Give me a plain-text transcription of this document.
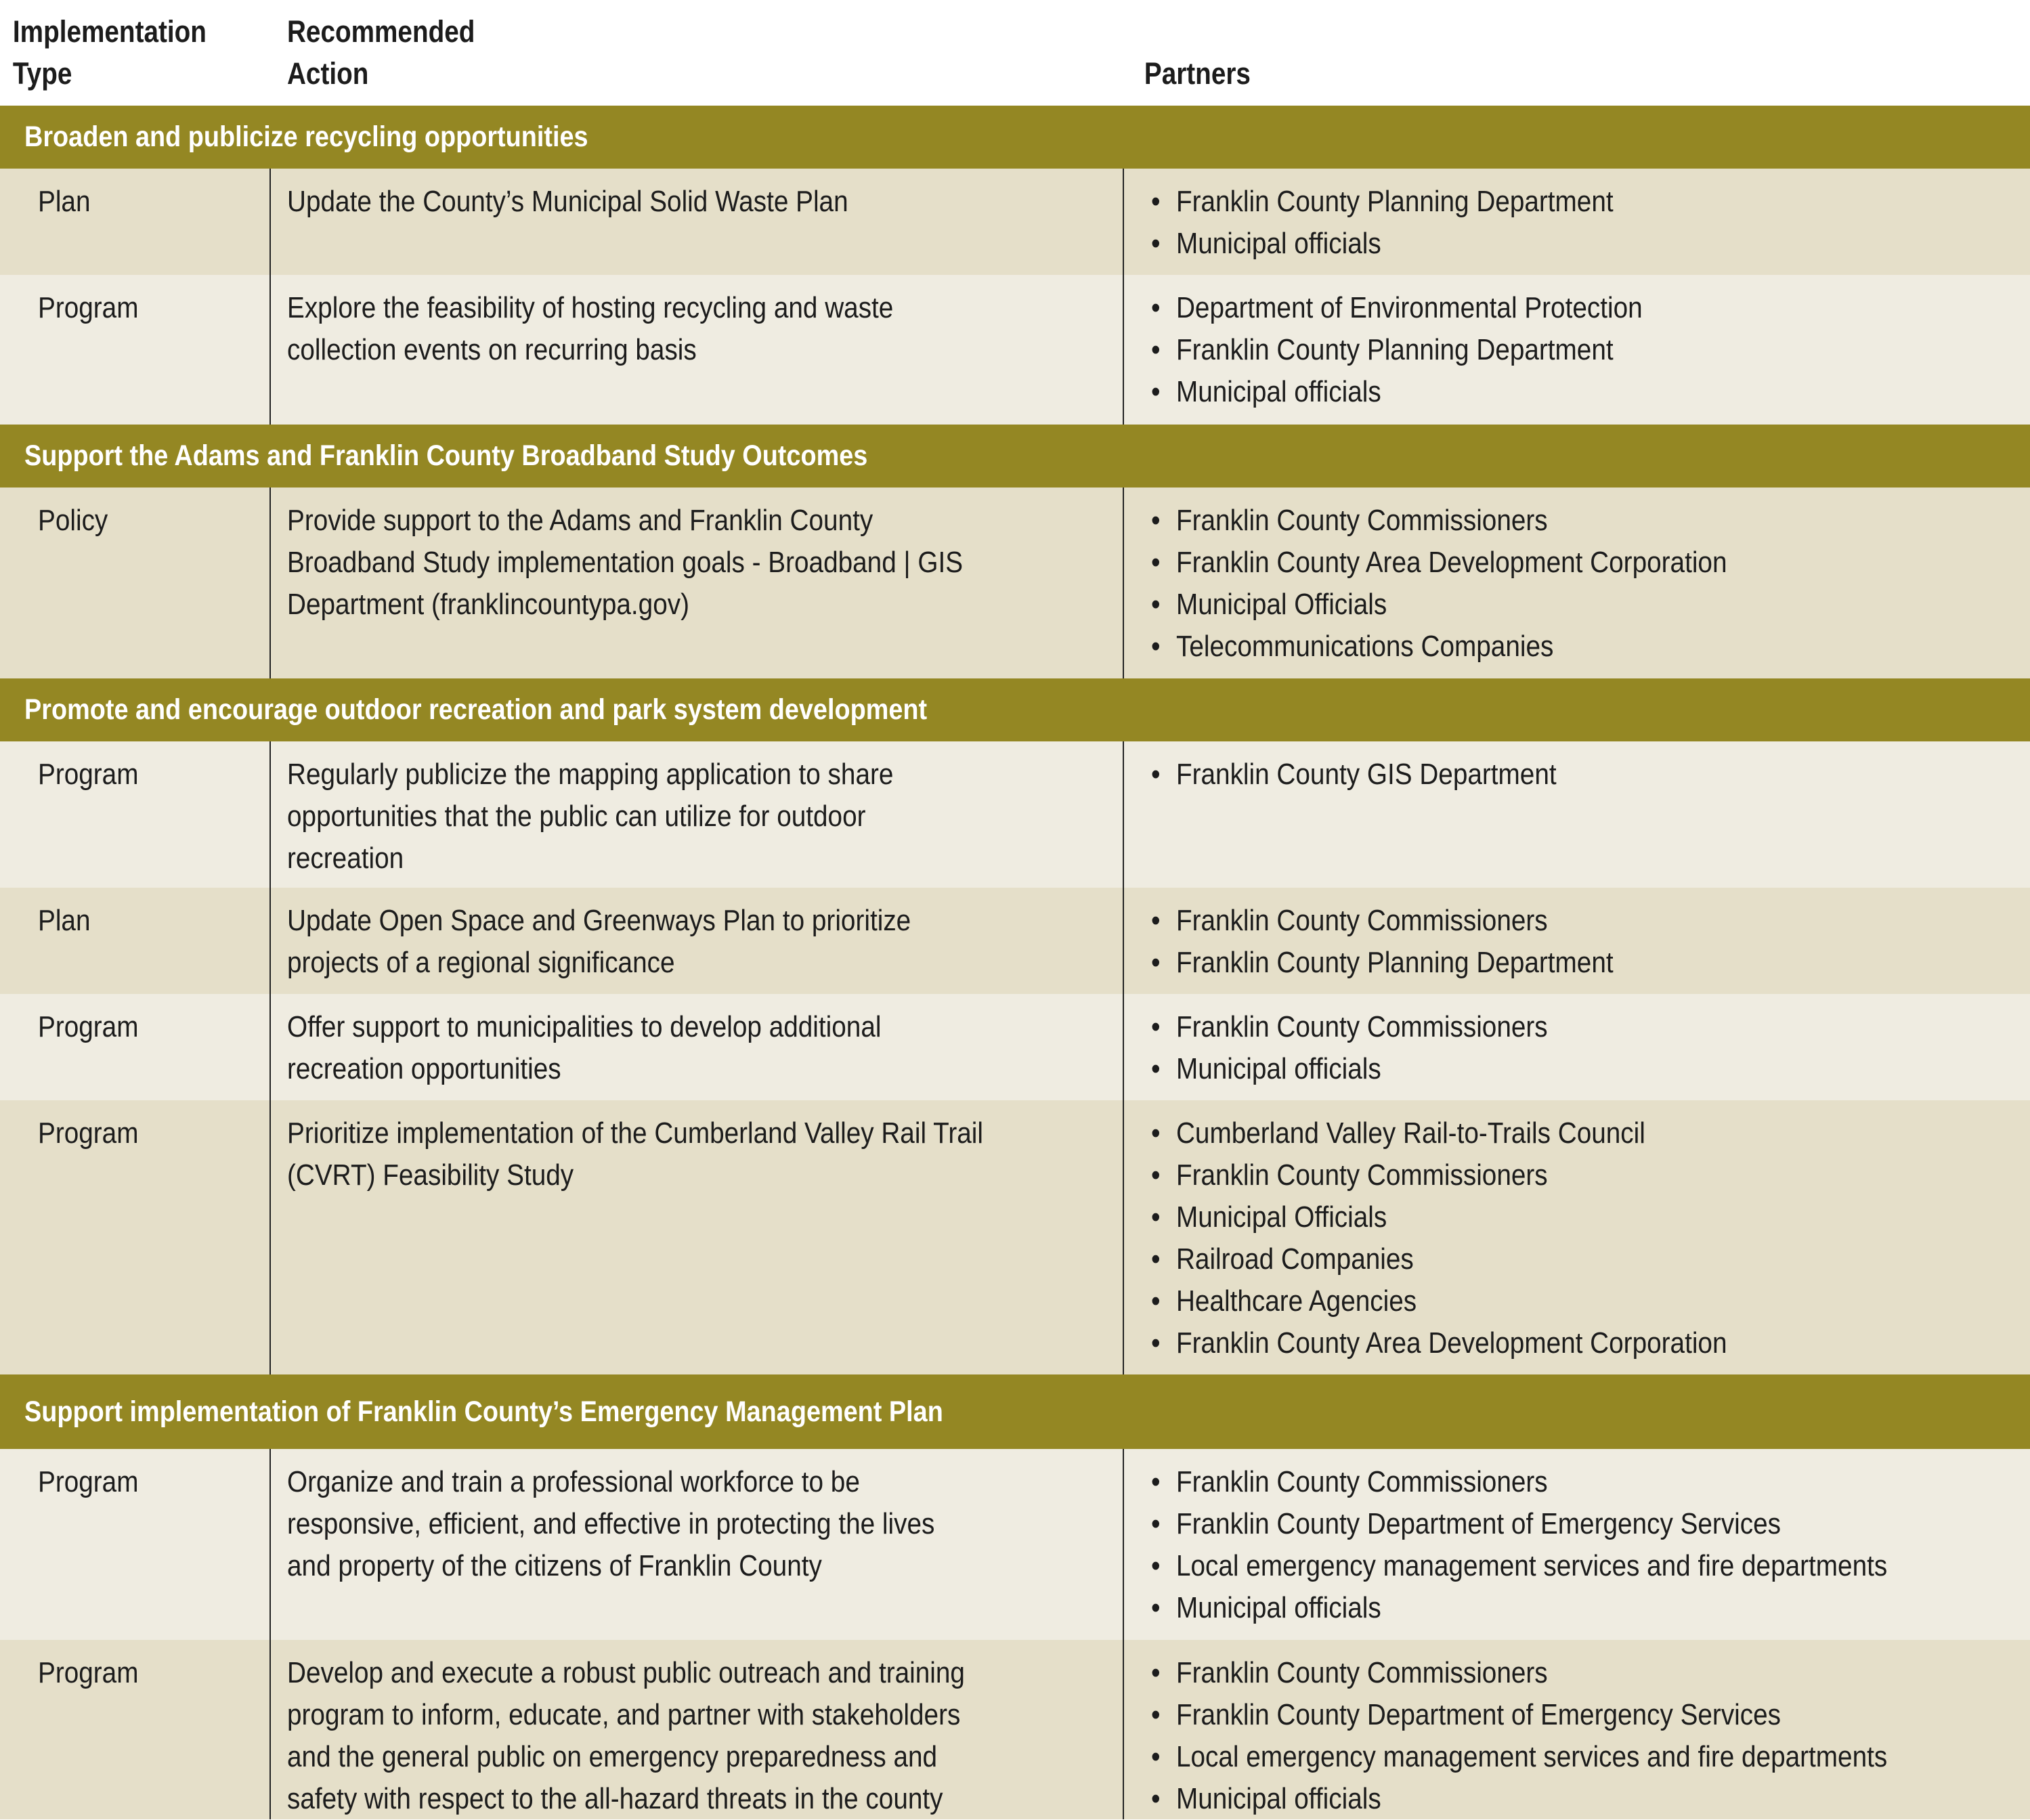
Implementation
Type
Recommended
Action	Partners
Broaden and publicize recycling opportunities
Plan	Update the County’s Municipal Solid Waste Plan
•	Franklin County Planning Department
• Municipal officials
Program	Explore the feasibility of hosting recycling and waste
collection events on recurring basis
• Department of Environmental Protection
• Franklin County Planning Department
• Municipal officials
Support the Adams and Franklin County Broadband Study Outcomes
Policy	Provide support to the Adams and Franklin County
Broadband Study implementation goals - Broadband | GIS
Department (franklincountypa.gov)
• Franklin County Commissioners
• Franklin County Area Development Corporation
• Municipal Officials
• Telecommunications Companies
Promote and encourage outdoor recreation and park system development
Program	Regularly publicize the mapping application to share
opportunities that the public can utilize for outdoor
recreation
• Franklin County GIS Department
Plan	Update Open Space and Greenways Plan to prioritize
projects of a regional significance
• Franklin County Commissioners
• Franklin County Planning Department
Program	Offer support to municipalities to develop additional
recreation opportunities
• Franklin County Commissioners
• Municipal officials
Program	Prioritize implementation of the Cumberland Valley Rail Trail
(CVRT) Feasibility Study
• Cumberland Valley Rail-to-Trails Council
• Franklin County Commissioners
• Municipal Officials
• Railroad Companies
• Healthcare Agencies
• Franklin County Area Development Corporation
Support implementation of Franklin County’s Emergency Management Plan
Program	Organize and train a professional workforce to be
responsive, efficient, and effective in protecting the lives
and property of the citizens of Franklin County
• Franklin County Commissioners
• Franklin County Department of Emergency Services
• Local emergency management services and fire departments
• Municipal officials
Program	Develop and execute a robust public outreach and training
program to inform, educate, and partner with stakeholders
and the general public on emergency preparedness and
safety with respect to the all-hazard threats in the county
• Franklin County Commissioners
• Franklin County Department of Emergency Services
• Local emergency management services and fire departments
• Municipal officials
